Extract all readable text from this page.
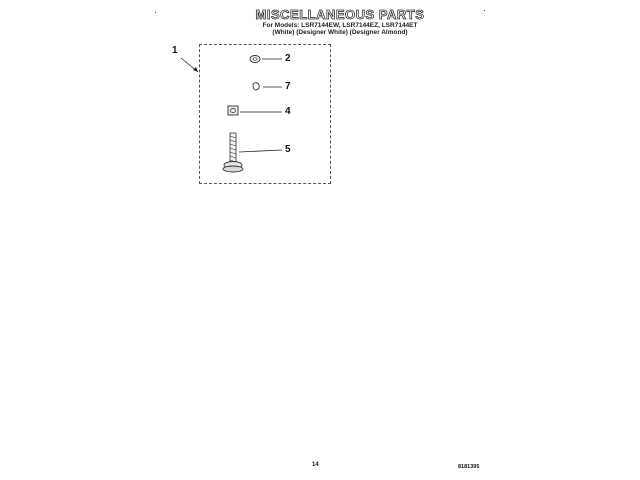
MISCELLANEOUS PARTS
For Models: LSR7144EW, LSR7144EZ, LSR7144ET
(White) (Designer White) (Designer Almond)
1
2
7
4
5
14	8181395
